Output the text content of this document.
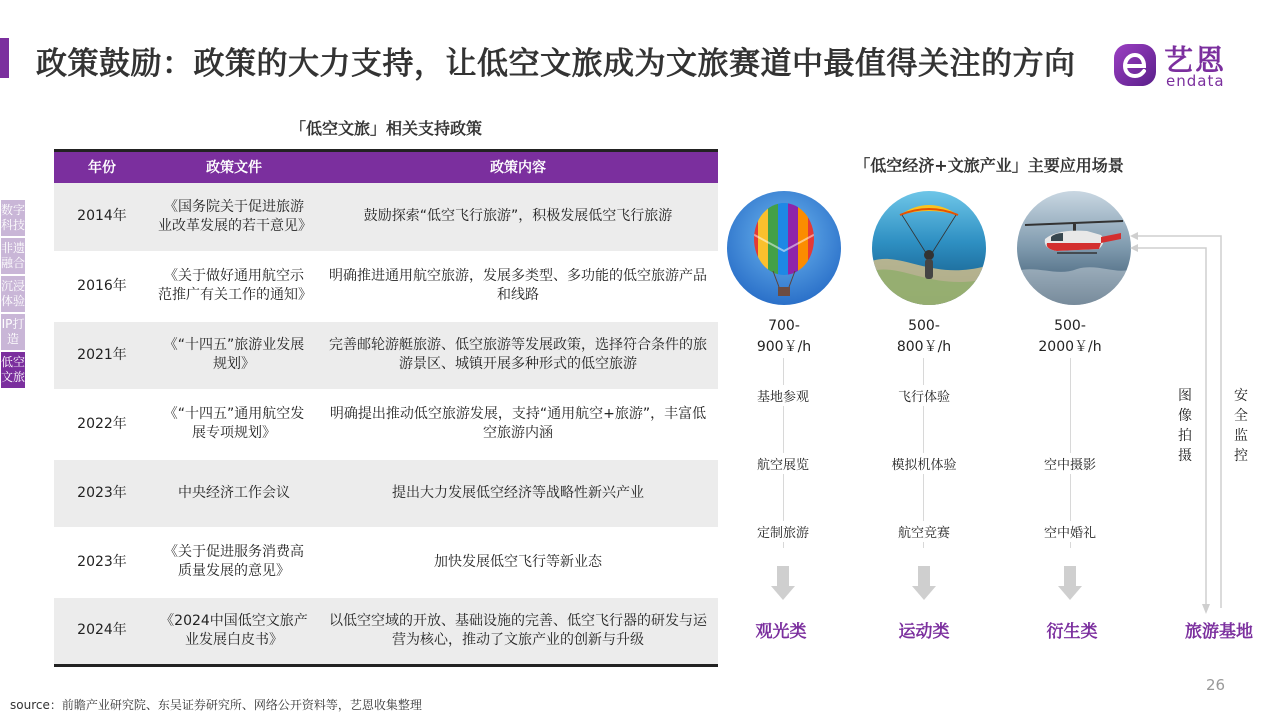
政策鼓励：政策的大力支持，让低空文旅成为文旅赛道中最值得关注的方向	艺恩
endata
数字科技
非遗融合
沉浸体验
IP打造
低空文旅
「低空文旅」相关支持政策
年份	政策文件	政策内容
2014年	《国务院关于促进旅游业改革发展的若干意见》	鼓励探索“低空飞行旅游”，积极发展低空飞行旅游
2016年	《关于做好通用航空示范推广有关工作的通知》	明确推进通用航空旅游，发展多类型、多功能的低空旅游产品和线路
2021年	《“十四五”旅游业发展规划》	完善邮轮游艇旅游、低空旅游等发展政策，选择符合条件的旅游景区、城镇开展多种形式的低空旅游
2022年	《“十四五”通用航空发展专项规划》	明确提出推动低空旅游发展，支持“通用航空+旅游”，丰富低空旅游内涵
2023年	中央经济工作会议	提出大力发展低空经济等战略性新兴产业
2023年	《关于促进服务消费高质量发展的意见》	加快发展低空飞行等新业态
2024年	《2024中国低空文旅产业发展白皮书》	以低空空域的开放、基础设施的完善、低空飞行器的研发与运营为核心，推动了文旅产业的创新与升级
「低空经济+文旅产业」主要应用场景
700-
900￥/h
基地参观
航空展览
定制旅游
观光类
500-
800￥/h
飞行体验
模拟机体验
航空竞赛
运动类
500-
2000￥/h
空中摄影
空中婚礼
衍生类
图像拍摄
安全监控
旅游基地
source：前瞻产业研究院、东吴证券研究所、网络公开资料等，艺恩收集整理
26
